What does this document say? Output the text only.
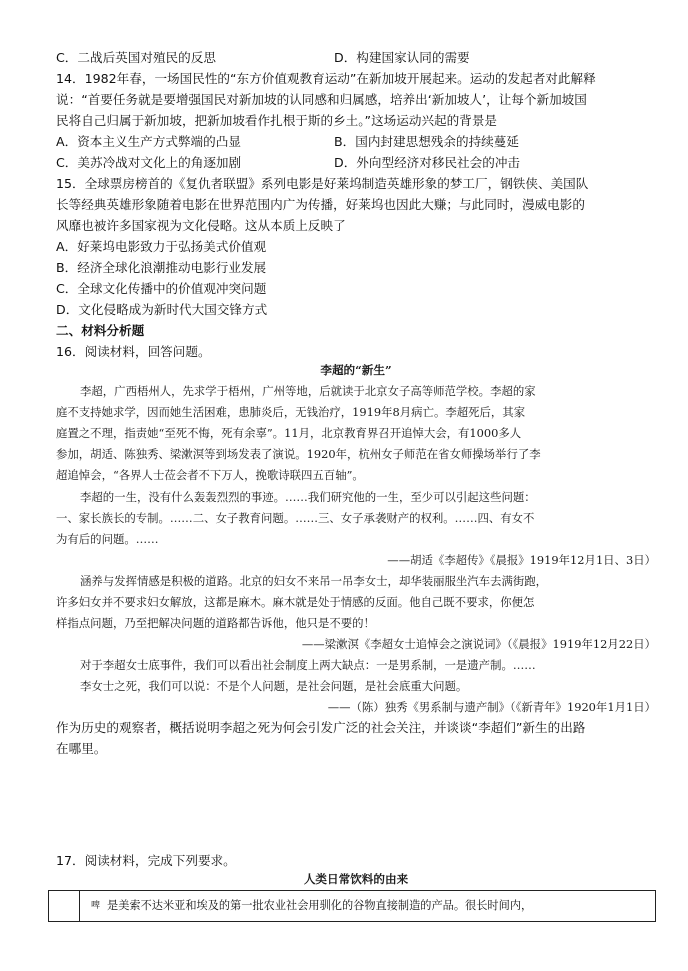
C．二战后英国对殖民的反思	D．构建国家认同的需要
14．1982年春，一场国民性的“东方价值观教育运动”在新加坡开展起来。运动的发起者对此解释
说：“首要任务就是要增强国民对新加坡的认同感和归属感，培养出‘新加坡人’，让每个新加坡国
民将自己归属于新加坡，把新加坡看作扎根于斯的乡土。”这场运动兴起的背景是
A．资本主义生产方式弊端的凸显	B．国内封建思想残余的持续蔓延
C．美苏冷战对文化上的角逐加剧	D．外向型经济对移民社会的冲击
15．全球票房榜首的《复仇者联盟》系列电影是好莱坞制造英雄形象的梦工厂，钢铁侠、美国队
长等经典英雄形象随着电影在世界范围内广为传播，好莱坞也因此大赚；与此同时，漫威电影的
风靡也被许多国家视为文化侵略。这从本质上反映了
A．好莱坞电影致力于弘扬美式价值观
B．经济全球化浪潮推动电影行业发展
C．全球文化传播中的价值观冲突问题
D．文化侵略成为新时代大国交锋方式
二、材料分析题
16．阅读材料，回答问题。
李超的“新生”
李超，广西梧州人，先求学于梧州，广州等地，后就读于北京女子高等师范学校。李超的家
庭不支持她求学，因而她生活困难，患肺炎后，无钱治疗，1919年8月病亡。李超死后，其家
庭置之不理，指责她“至死不悔，死有余辜”。11月，北京教育界召开追悼大会，有1000多人
参加，胡适、陈独秀、梁漱溟等到场发表了演说。1920年，杭州女子师范在省女师操场举行了李
超追悼会，“各界人士莅会者不下万人，挽歌诗联四五百轴”。
李超的一生，没有什么轰轰烈烈的事迹。……我们研究他的一生，至少可以引起这些问题：
一、家长族长的专制。……二、女子教育问题。……三、女子承袭财产的权利。……四、有女不
为有后的问题。……
——胡适《李超传》《晨报》1919年12月1日、3日）
涵养与发挥情感是积极的道路。北京的妇女不来吊一吊李女士，却华装丽服坐汽车去满街跑，
许多妇女并不要求妇女解放，这都是麻木。麻木就是处于情感的反面。他自己既不要求，你便怎
样指点问题，乃至把解决问题的道路都告诉他，他只是不要的！
——梁漱溟《李超女士追悼会之演说词》（《晨报》1919年12月22日）
对于李超女士底事件，我们可以看出社会制度上两大缺点：一是男系制，一是遗产制。……
李女士之死，我们可以说：不是个人问题，是社会问题，是社会底重大问题。
——（陈）独秀《男系制与遗产制》（《新青年》1920年1月1日）
作为历史的观察者，概括说明李超之死为何会引发广泛的社会关注，并谈谈“李超们”新生的出路
在哪里。
17．阅读材料，完成下列要求。
人类日常饮料的由来
啤 是美索不达米亚和埃及的第一批农业社会用驯化的谷物直接制造的产品。很长时间内，
